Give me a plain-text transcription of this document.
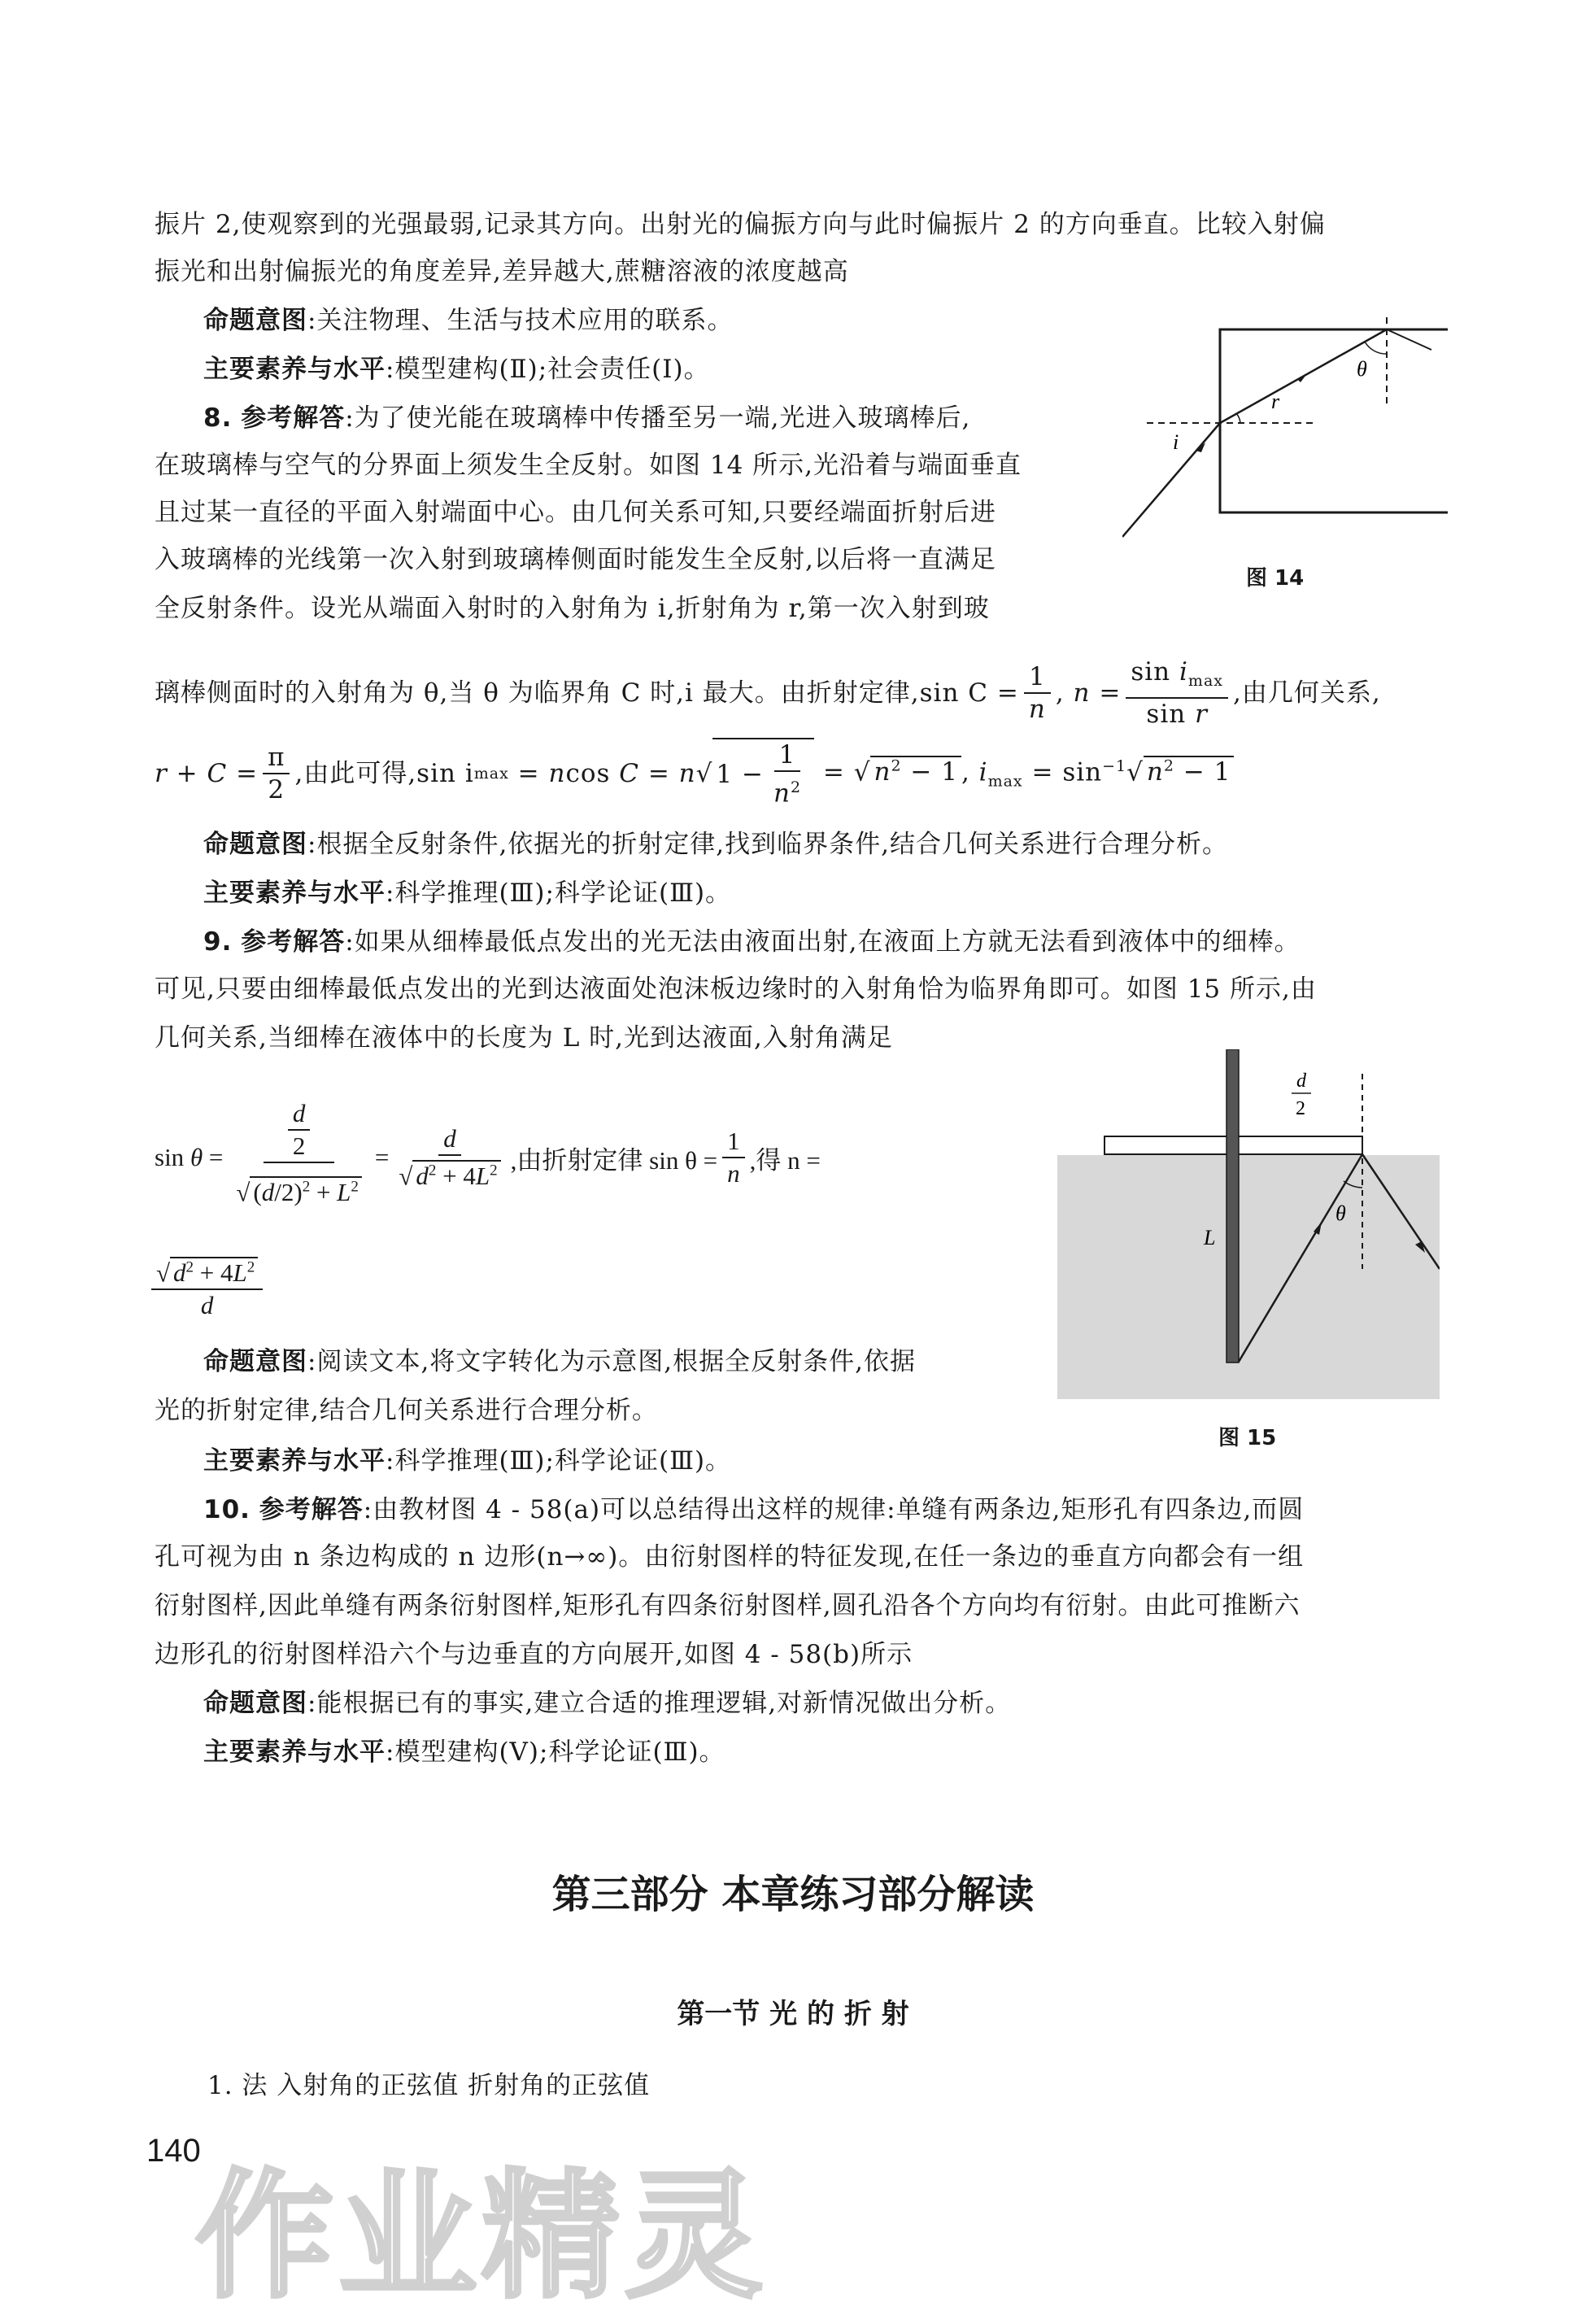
振片 2,使观察到的光强最弱,记录其方向。出射光的偏振方向与此时偏振片 2 的方向垂直。比较入射偏
振光和出射偏振光的角度差异,差异越大,蔗糖溶液的浓度越高
命题意图:关注物理、生活与技术应用的联系。
主要素养与水平:模型建构(Ⅱ);社会责任(Ⅰ)。
8. 参考解答:为了使光能在玻璃棒中传播至另一端,光进入玻璃棒后,
在玻璃棒与空气的分界面上须发生全反射。如图 14 所示,光沿着与端面垂直
且过某一直径的平面入射端面中心。由几何关系可知,只要经端面折射后进
入玻璃棒的光线第一次入射到玻璃棒侧面时能发生全反射,以后将一直满足
全反射条件。设光从端面入射时的入射角为 i,折射角为 r,第一次入射到玻
r
θ
i
图 14
璃棒侧面时的入射角为 θ,当 θ 为临界角 C 时,i 最大。由折射定律,sin $C = \frac{1}{n}$ , $n = \frac{\sin i_{max}}{\text{sin r}}$ ,由几何关系,
$r + C = \frac{\pi}{2}$ ,由此可得,sin i max = ncos C = n√ $1 - \frac{1}{n^2}$ = √ $n^2 - 1$ , $i_{max} = \sin^{-1}√$ $n^2 - 1$
命题意图:根据全反射条件,依据光的折射定律,找到临界条件,结合几何关系进行合理分析。
主要素养与水平:科学推理(Ⅲ);科学论证(Ⅲ)。
9. 参考解答:如果从细棒最低点发出的光无法由液面出射,在液面上方就无法看到液体中的细棒。
可见,只要由细棒最低点发出的光到达液面处泡沫板边缘时的入射角恰为临界角即可。如图 15 所示,由
几何关系,当细棒在液体中的长度为 L 时,光到达液面,入射角满足
$\sin \theta = \frac{\frac{d}{2}}{√ (d/2)^2 + L^2} = \frac{d}{√ d^2 + 4L^2}$ ,由折射定律 $\sin \theta = \frac{1}{n}$ ,得 n =
$\frac{√ d^2 + 4L^2}{d}$
θ
L
d
2
图 15
命题意图:阅读文本,将文字转化为示意图,根据全反射条件,依据
光的折射定律,结合几何关系进行合理分析。
主要素养与水平:科学推理(Ⅲ);科学论证(Ⅲ)。
10. 参考解答:由教材图 4 - 58(a)可以总结得出这样的规律:单缝有两条边,矩形孔有四条边,而圆
孔可视为由 n 条边构成的 n 边形(n→∞)。由衍射图样的特征发现,在任一条边的垂直方向都会有一组
衍射图样,因此单缝有两条衍射图样,矩形孔有四条衍射图样,圆孔沿各个方向均有衍射。由此可推断六
边形孔的衍射图样沿六个与边垂直的方向展开,如图 4 - 58(b)所示
命题意图:能根据已有的事实,建立合适的推理逻辑,对新情况做出分析。
主要素养与水平:模型建构(Ⅴ);科学论证(Ⅲ)。
第三部分 本章练习部分解读
第一节 光 的 折 射
1. 法 入射角的正弦值 折射角的正弦值
作业精灵
140
